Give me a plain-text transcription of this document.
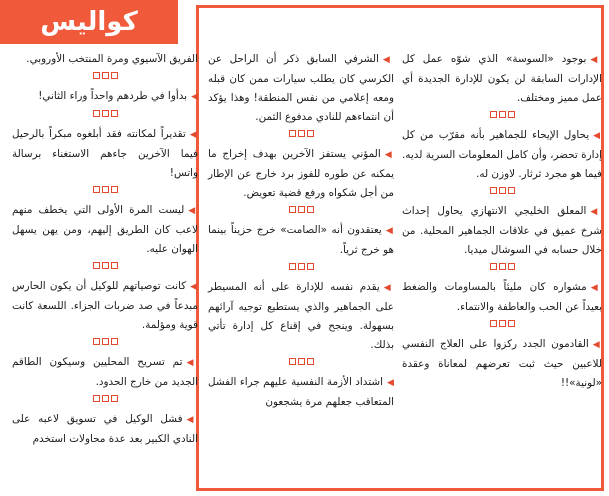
كواليس
◀بوجود «السوسة» الذي شوّه عمل كل الإدارات السابقة لن يكون للإدارة الجديدة أي عمل مميز ومختلف.
◀يحاول الإيحاء للجماهير بأنه مقرّب من كل إدارة تحضر، وأن كامل المعلومات السرية لديه. فيما هو مجرد ثرثار. لاوزن له.
◀المعلق الخليجي الانتهازي يحاول إحداث شرخ عميق في علاقات الجماهير المحلية. من خلال حسابه في السوشال ميديا.
◀مشواره كان مليئاً بالمساومات والضغط بعيداً عن الحب والعاطفة والانتماء.
◀القادمون الجدد ركزوا على العلاج النفسي للاعبين حيث ثبت تعرضهم لمعاناة وعقدة «لونية»!!
◀الشرفي السابق ذكر أن الراحل عن الكرسي كان يطلب سيارات ممن كان قبله ومعه إعلامي من نفس المنطقة! وهذا يؤكد أن انتماءهم للنادي مدفوع الثمن.
◀المؤني يستفز الآخرين بهدف إخراج ما يمكنه عن طوره للفوز برد خارج عن الإطار من أجل شكواه ورفع قضية تعويض.
◀يعتقدون أنه «الصامت» خرج حزيناً بينما هو خرج ثرياً.
◀يقدم نفسه للإدارة على أنه المسيطر على الجماهير والذي يستطيع توجيه آرائهم بسهولة. وينجح في إقناع كل إدارة تأتي بذلك.
◀اشتداد الأزمة النفسية عليهم جراء الفشل المتعاقب جعلهم مرة يشجعون
الفريق الآسيوي ومرة المنتخب الأوروبي.
◀بدأوا في طردهم واحداً وراء الثاني!
◀تقديراً لمكانته فقد أبلغوه مبكراً بالرحيل فيما الآخرين جاءهم الاستغناء برسالة واتس!
◀ليست المرة الأولى التي يخطف منهم لاعب كان الطريق إليهم، ومن يهن يسهل الهوان عليه.
◀كانت توصياتهم للوكيل أن يكون الحارس مبدعاً في صد ضربات الجزاء. اللسعة كانت قوية ومؤلمة.
◀تم تسريح المحليين وسيكون الطاقم الجديد من خارج الحدود.
◀فشل الوكيل في تسويق لاعبه على النادي الكبير بعد عدة محاولات استخدم
